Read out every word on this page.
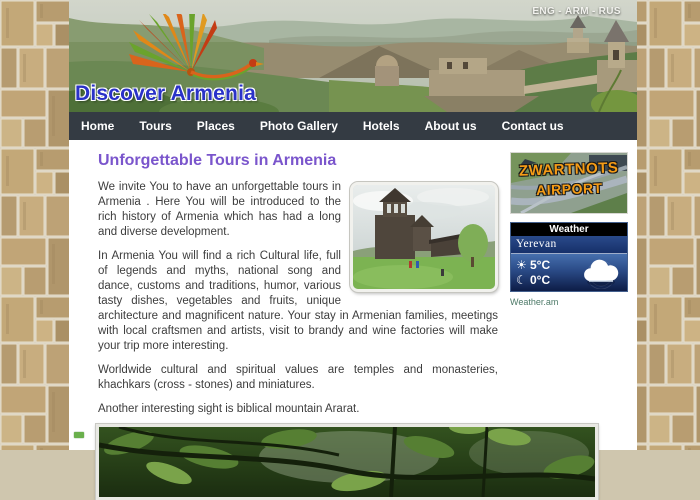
Discover Armenia
ENG - ARM - RUS
Home Tours Places Photo Gallery Hotels About us Contact us
Unforgettable Tours in Armenia

We invite You to have an unforgettable tours in Armenia . Here You will be introduced to the rich history of Armenia which has had a long and diverse development.

In Armenia You will find a rich Cultural life, full of legends and myths, national song and dance, customs and traditions, humor, various tasty dishes, vegetables and fruits, unique architecture and magnificent nature. Your stay in Armenian families, meetings with local craftsmen and artists, visit to brandy and wine factories will make your trip more interesting.

Worldwide cultural and spiritual values are temples and monasteries, khachkars (cross - stones) and miniatures.

Another interesting sight is biblical mountain Ararat.

ZWARTNOTS
AIRPORT
Weather
Yerevan
☀ 5°C
☾ 0°C
Weather.am
